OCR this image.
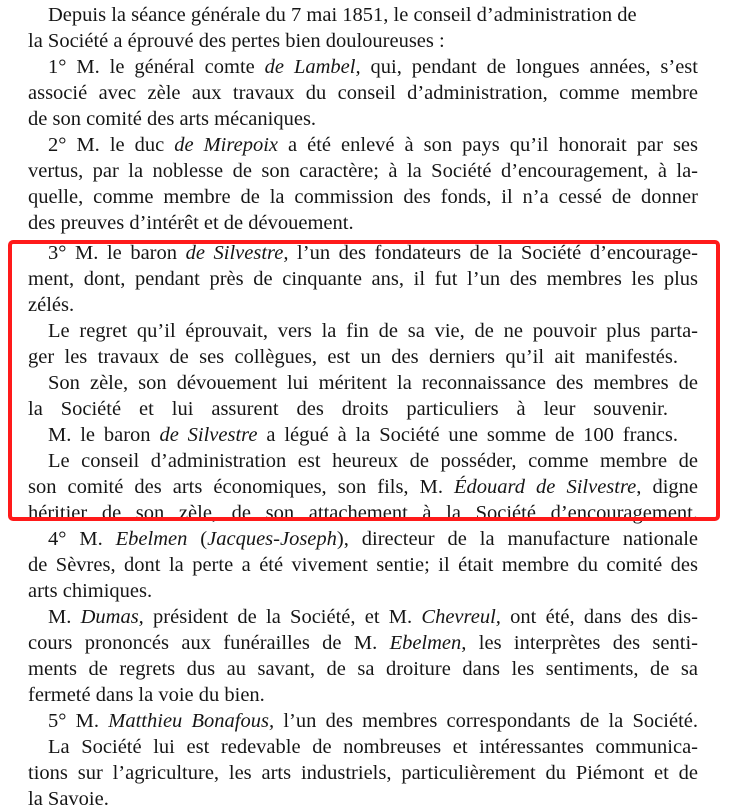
Depuis la séance générale du 7 mai 1851, le conseil d’administration de
la Société a éprouvé des pertes bien douloureuses :
1° M. le général comte de Lambel, qui, pendant de longues années, s’est
associé avec zèle aux travaux du conseil d’administration, comme membre
de son comité des arts mécaniques.
2° M. le duc de Mirepoix a été enlevé à son pays qu’il honorait par ses
vertus, par la noblesse de son caractère; à la Société d’encouragement, à la-
quelle, comme membre de la commission des fonds, il n’a cessé de donner
des preuves d’intérêt et de dévouement.
3° M. le baron de Silvestre, l’un des fondateurs de la Société d’encourage-
ment, dont, pendant près de cinquante ans, il fut l’un des membres les plus
zélés.
Le regret qu’il éprouvait, vers la fin de sa vie, de ne pouvoir plus parta-
ger les travaux de ses collègues, est un des derniers qu’il ait manifestés.
Son zèle, son dévouement lui méritent la reconnaissance des membres de
la Société et lui assurent des droits particuliers à leur souvenir.
M. le baron de Silvestre a légué à la Société une somme de 100 francs.
Le conseil d’administration est heureux de posséder, comme membre de
son comité des arts économiques, son fils, M. Édouard de Silvestre, digne
héritier de son zèle, de son attachement à la Société d’encouragement.
4° M. Ebelmen (Jacques-Joseph), directeur de la manufacture nationale
de Sèvres, dont la perte a été vivement sentie; il était membre du comité des
arts chimiques.
M. Dumas, président de la Société, et M. Chevreul, ont été, dans des dis-
cours prononcés aux funérailles de M. Ebelmen, les interprètes des senti-
ments de regrets dus au savant, de sa droiture dans les sentiments, de sa
fermeté dans la voie du bien.
5° M. Matthieu Bonafous, l’un des membres correspondants de la Société.
La Société lui est redevable de nombreuses et intéressantes communica-
tions sur l’agriculture, les arts industriels, particulièrement du Piémont et de
la Savoie.
